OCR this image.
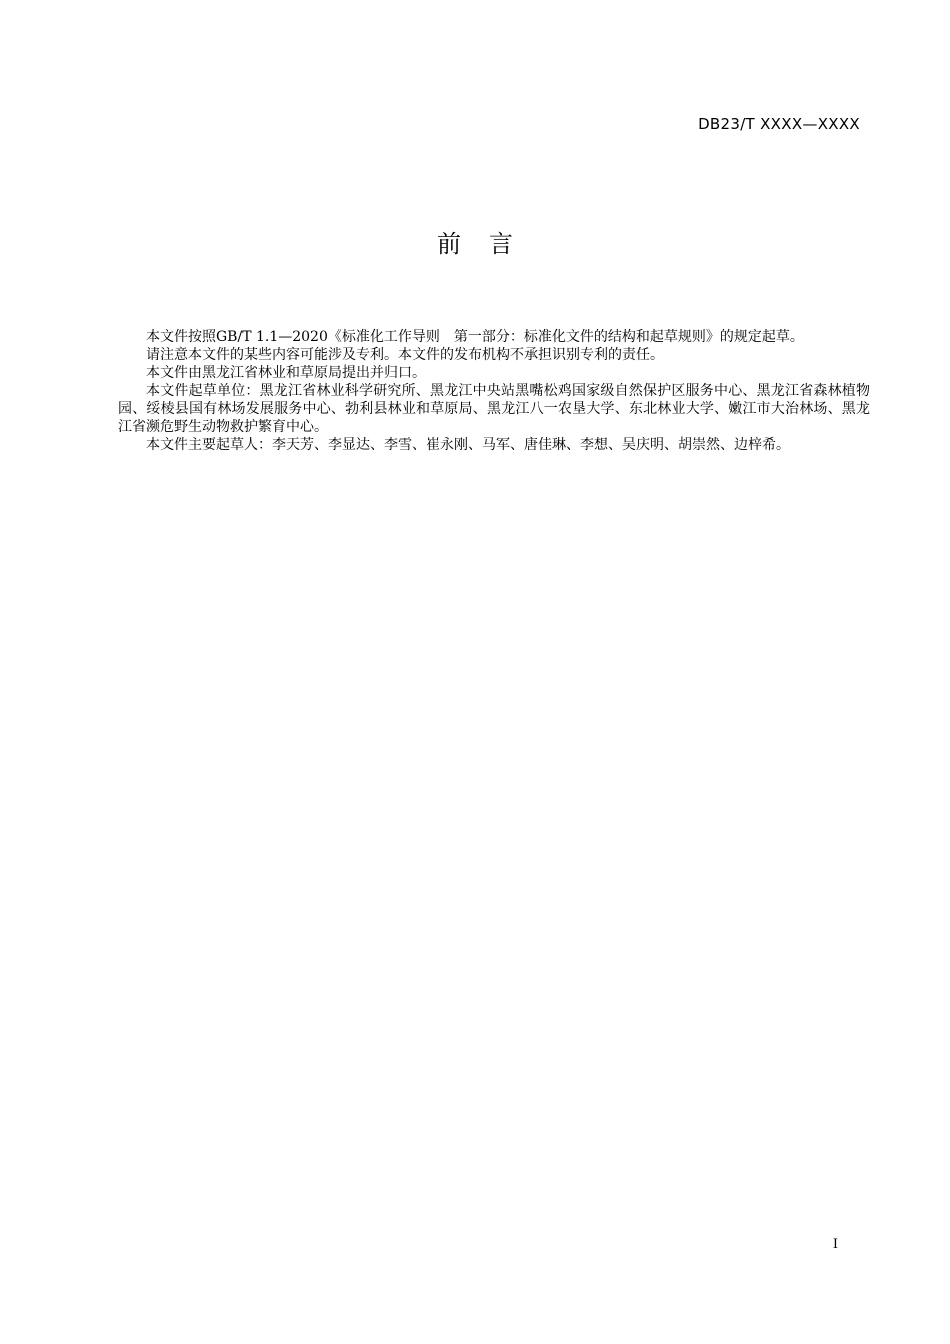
DB23/T XXXX—XXXX
前 言

本文件按照GB/T 1.1—2020《标准化工作导则　第一部分：标准化文件的结构和起草规则》的规定起草。

请注意本文件的某些内容可能涉及专利。本文件的发布机构不承担识别专利的责任。

本文件由黑龙江省林业和草原局提出并归口。

本文件起草单位：黑龙江省林业科学研究所、黑龙江中央站黑嘴松鸡国家级自然保护区服务中心、黑龙江省森林植物园、绥棱县国有林场发展服务中心、勃利县林业和草原局、黑龙江八一农垦大学、东北林业大学、嫩江市大治林场、黑龙江省濒危野生动物救护繁育中心。

本文件主要起草人：李天芳、李显达、李雪、崔永刚、马军、唐佳琳、李想、吴庆明、胡崇然、边梓希。

I
